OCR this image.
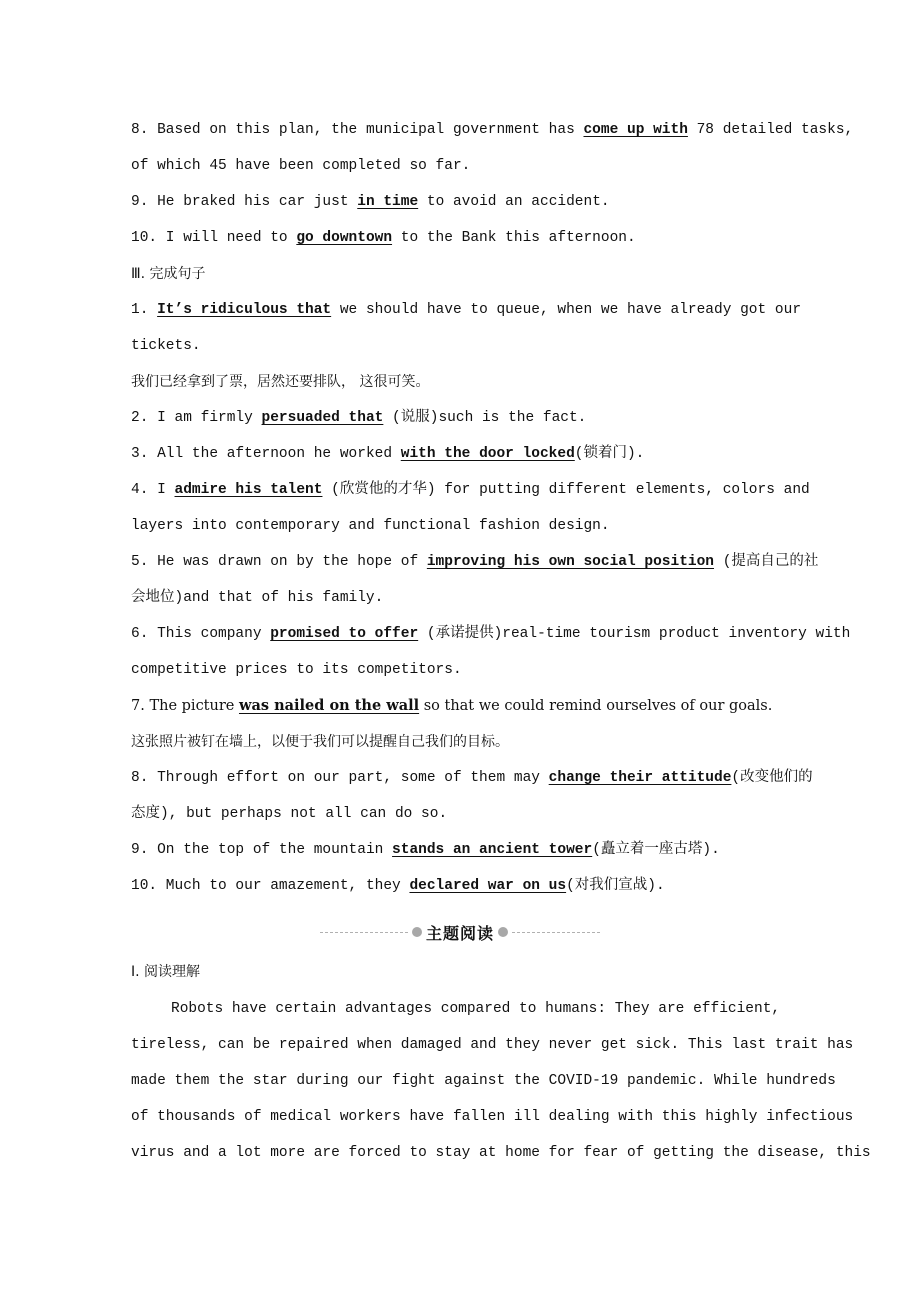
8. Based on this plan, the municipal government has come up with 78 detailed tasks,
of which 45 have been completed so far.
9. He braked his car just in time to avoid an accident.
10. I will need to go downtown to the Bank this afternoon.
Ⅲ. 完成句子
1. It’s ridiculous that we should have to queue, when we have already got our
tickets.
我们已经拿到了票，居然还要排队， 这很可笑。
2. I am firmly persuaded that (说服)such is the fact.
3. All the afternoon he worked with the door locked(锁着门).
4. I admire his talent (欣赏他的才华) for putting different elements, colors and
layers into contemporary and functional fashion design.
5. He was drawn on by the hope of improving his own social position (提高自己的社
会地位)and that of his family.
6. This company promised to offer (承诺提供)real-time tourism product inventory with
competitive prices to its competitors.
7. The picture was nailed on the wall so that we could remind ourselves of our goals.
这张照片被钉在墙上，以便于我们可以提醒自己我们的目标。
8. Through effort on our part, some of them may change their attitude(改变他们的
态度), but perhaps not all can do so.
9. On the top of the mountain stands an ancient tower(矗立着一座古塔).
10. Much to our amazement, they declared war on us(对我们宣战).
主题阅读
Ⅰ. 阅读理解
Robots have certain advantages compared to humans: They are efficient,
tireless, can be repaired when damaged and they never get sick. This last trait has
made them the star during our fight against the COVID-19 pandemic. While hundreds
of thousands of medical workers have fallen ill dealing with this highly infectious
virus and a lot more are forced to stay at home for fear of getting the disease, this
